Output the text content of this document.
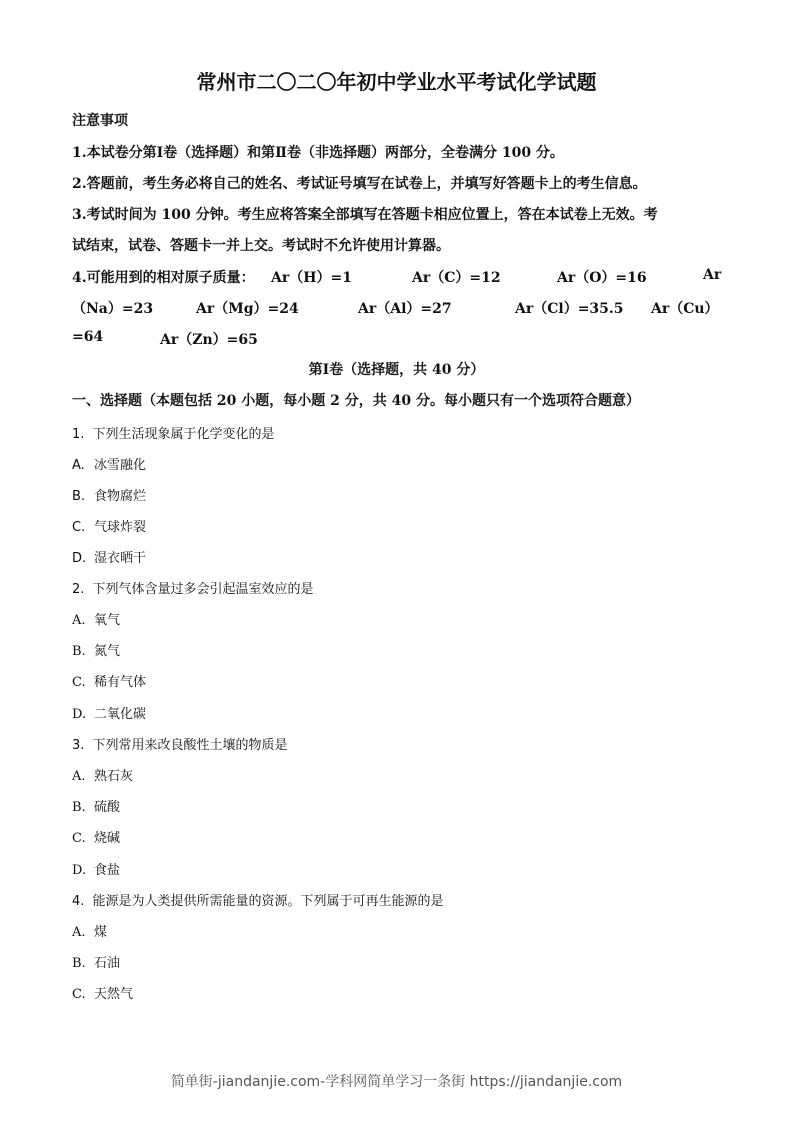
常州市二〇二〇年初中学业水平考试化学试题
注意事项
1.本试卷分第Ⅰ卷（选择题）和第Ⅱ卷（非选择题）两部分，全卷满分 100 分。
2.答题前，考生务必将自己的姓名、考试证号填写在试卷上，并填写好答题卡上的考生信息。
3.考试时间为 100 分钟。考生应将答案全部填写在答题卡相应位置上，答在本试卷上无效。考
试结束，试卷、答题卡一并上交。考试时不允许使用计算器。
4.可能用到的相对原子质量： Ar（H）=1	Ar（C）=12	Ar（O）=16	Ar
（Na）=23	Ar（Mg）=24	Ar（Al）=27	Ar（Cl）=35.5 Ar（Cu）
=64	Ar（Zn）=65
第Ⅰ卷（选择题，共 40 分）
一、选择题（本题包括 20 小题，每小题 2 分，共 40 分。每小题只有一个选项符合题意）
1. 下列生活现象属于化学变化的是
A. 冰雪融化
B. 食物腐烂
C. 气球炸裂
D. 湿衣晒干
2. 下列气体含量过多会引起温室效应的是
A. 氧气
B. 氮气
C. 稀有气体
D. 二氧化碳
3. 下列常用来改良酸性土壤的物质是
A. 熟石灰
B. 硫酸
C. 烧碱
D. 食盐
4. 能源是为人类提供所需能量的资源。下列属于可再生能源的是
A. 煤
B. 石油
C. 天然气
简单街-jiandanjie.com-学科网简单学习一条街 https://jiandanjie.com
